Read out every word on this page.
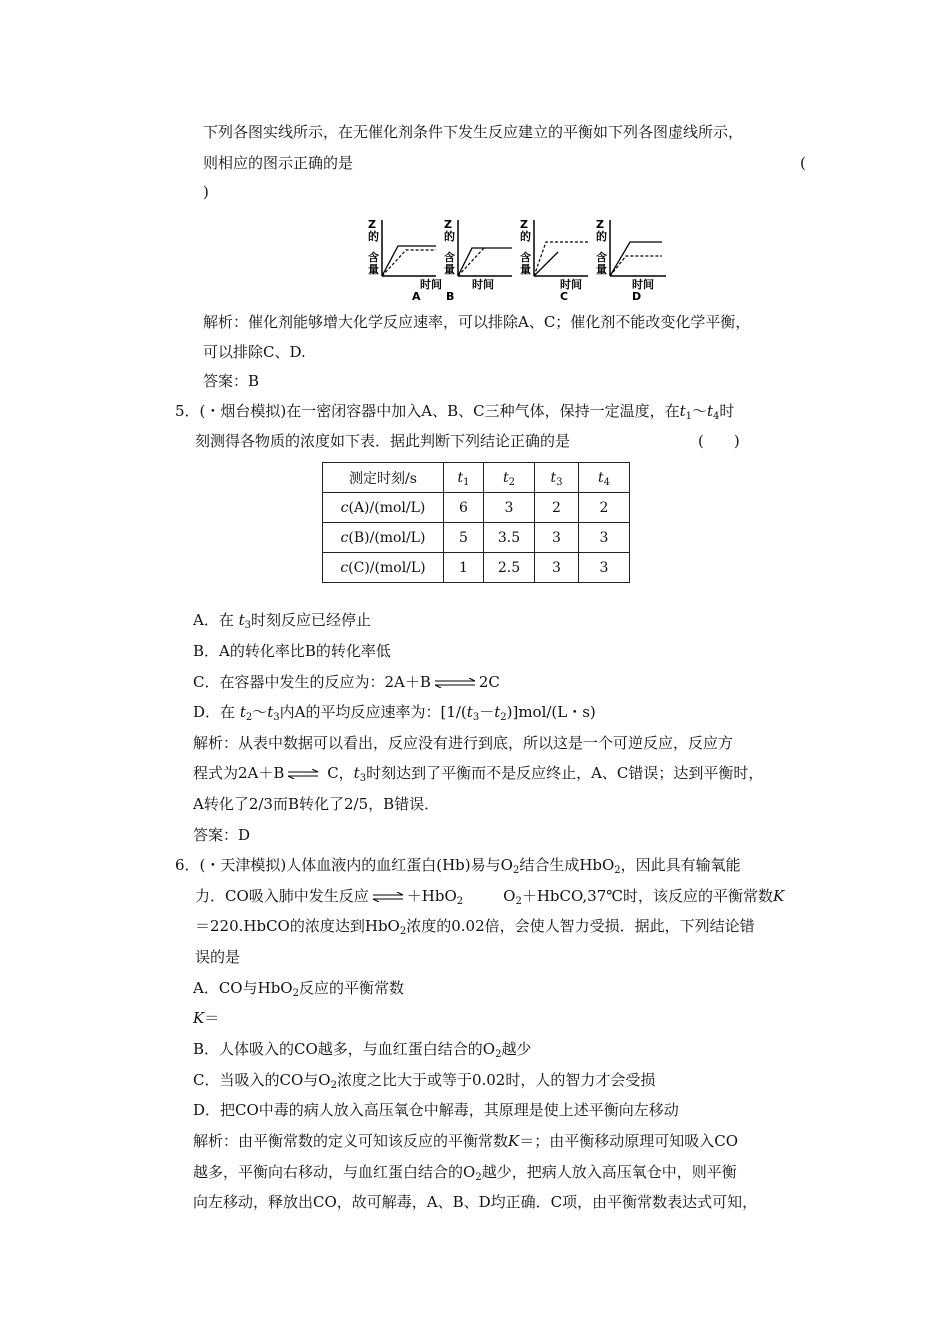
下列各图实线所示，在无催化剂条件下发生反应建立的平衡如下列各图虚线所示，
则相应的图示正确的是	(
)
Z
的
含
量
时间
A
Z
的
含
量
时间
B
Z
的
含
量
时间
C
Z
的
含
量
时间
D
解析：催化剂能够增大化学反应速率，可以排除A、C；催化剂不能改变化学平衡，
可以排除C、D.
答案：B
5．(・烟台模拟)在一密闭容器中加入A、B、C三种气体，保持一定温度，在$t_1\sim t_4$时
刻测得各物质的浓度如下表．据此判断下列结论正确的是	(　　)
测定时刻/s	$t_1$	$t_2$	$t_3$	$t_4$
c(A)/(mol/L)	6	3	2	2
c(B)/(mol/L)	5	3.5	3	3
c(C)/(mol/L)	1	2.5	3	3
A．在 $t_3$时刻反应已经停止
B．A的转化率比B的转化率低
C．在容器中发生的反应为：2A＋B ⇌ 2C
D．在 $t_2\sim t_3$内A的平均反应速率为：$[1/(t_3-t_2)]mol/(L$・s)
解析：从表中数据可以看出，反应没有进行到底，所以这是一个可逆反应，反应方
程式为2A＋B ⇌ C，$t_3$时刻达到了平衡而不是反应终止，A、C错误；达到平衡时，
A转化了2/3而B转化了2/5，B错误．
答案：D
6．(・天津模拟)人体血液内的血红蛋白(Hb)易与$O_2$结合生成HbO$_2$，因此具有输氧能
力．CO吸入肺中发生反应 ⇌ ＋HbO$_2$	$O_2+HbCO,37℃$时，该反应的平衡常数K
＝220.HbCO的浓度达到HbO$_2$浓度的0.02倍，会使人智力受损．据此，下列结论错
误的是
A．CO与HbO$_2$反应的平衡常数
K＝
B．人体吸入的CO越多，与血红蛋白结合的$O_2$越少
C．当吸入的CO与$O_2$浓度之比大于或等于0.02时，人的智力才会受损
D．把CO中毒的病人放入高压氧仓中解毒，其原理是使上述平衡向左移动
解析：由平衡常数的定义可知该反应的平衡常数K＝；由平衡移动原理可知吸入CO
越多，平衡向右移动，与血红蛋白结合的$O_2$越少，把病人放入高压氧仓中，则平衡
向左移动，释放出CO，故可解毒，A、B、D均正确．C项，由平衡常数表达式可知，
